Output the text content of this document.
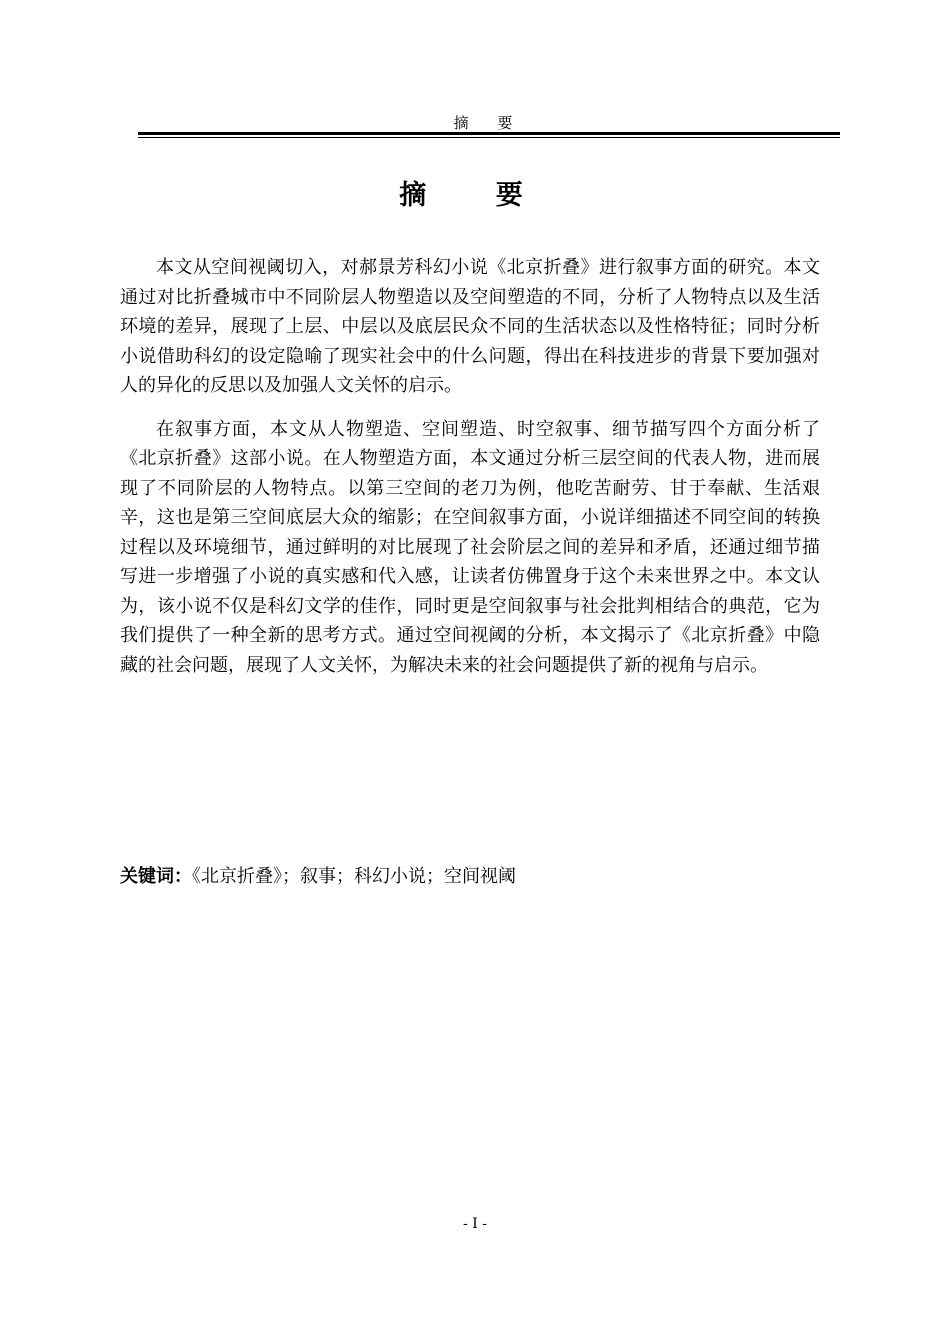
摘 要
摘 要

本文从空间视阈切入，对郝景芳科幻小说《北京折叠》进行叙事方面的研究。本文通过对比折叠城市中不同阶层人物塑造以及空间塑造的不同，分析了人物特点以及生活环境的差异，展现了上层、中层以及底层民众不同的生活状态以及性格特征；同时分析小说借助科幻的设定隐喻了现实社会中的什么问题，得出在科技进步的背景下要加强对人的异化的反思以及加强人文关怀的启示。

在叙事方面，本文从人物塑造、空间塑造、时空叙事、细节描写四个方面分析了《北京折叠》这部小说。在人物塑造方面，本文通过分析三层空间的代表人物，进而展现了不同阶层的人物特点。以第三空间的老刀为例，他吃苦耐劳、甘于奉献、生活艰辛，这也是第三空间底层大众的缩影；在空间叙事方面，小说详细描述不同空间的转换过程以及环境细节，通过鲜明的对比展现了社会阶层之间的差异和矛盾，还通过细节描写进一步增强了小说的真实感和代入感，让读者仿佛置身于这个未来世界之中。本文认为，该小说不仅是科幻文学的佳作，同时更是空间叙事与社会批判相结合的典范，它为我们提供了一种全新的思考方式。通过空间视阈的分析，本文揭示了《北京折叠》中隐藏的社会问题，展现了人文关怀，为解决未来的社会问题提供了新的视角与启示。

关键词：《北京折叠》；叙事；科幻小说；空间视阈
- I -
